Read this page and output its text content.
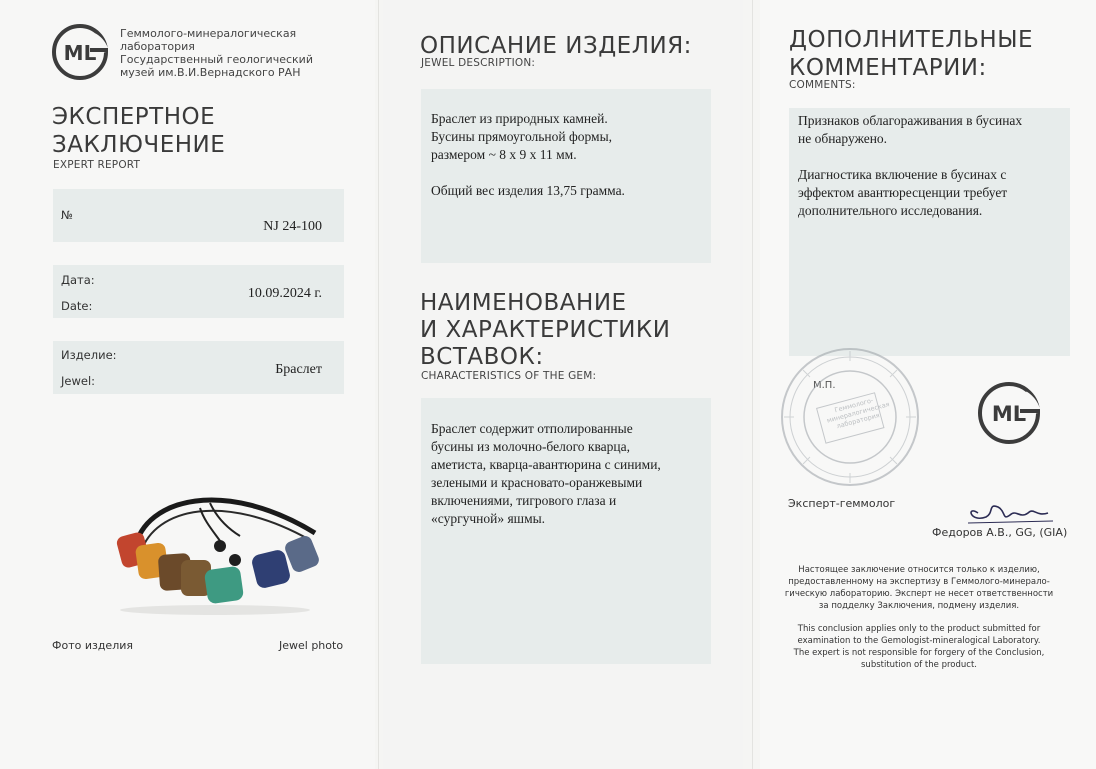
ML
Геммолого-минералогическая
лаборатория
Государственный геологический
музей им.В.И.Вернадского РАН
ЭКСПЕРТНОЕ
ЗАКЛЮЧЕНИЕ
EXPERT REPORT
№
NJ 24-100
Дата:
Date:
10.09.2024 г.
Изделие:
Jewel:
Браслет
Фото изделия	Jewel photo
ОПИСАНИЕ ИЗДЕЛИЯ:
JEWEL DESCRIPTION:
Браслет из природных камней.
Бусины прямоугольной формы,
размером ~ 8 х 9 х 11 мм.
Общий вес изделия 13,75 грамма.
НАИМЕНОВАНИЕ
И ХАРАКТЕРИСТИКИ
ВСТАВОК:
CHARACTERISTICS OF THE GEM:
Браслет содержит отполированные
бусины из молочно-белого кварца,
аметиста, кварца-авантюрина с синими,
зелеными и красновато-оранжевыми
включениями, тигрового глаза и
«сургучной» яшмы.
ДОПОЛНИТЕЛЬНЫЕ
КОММЕНТАРИИ:
COMMENTS:
Признаков облагораживания в бусинах
не обнаружено.
Диагностика включение в бусинах с
эффектом авантюресценции требует
дополнительного исследования.
М.П.
Геммолого-минералогическая лаборатория	ML
Эксперт-геммолог
Федоров А.В., GG, (GIA)
Настоящее заключение относится только к изделию,
предоставленному на экспертизу в Геммолого-минерало-
гическую лабораторию. Эксперт не несет ответственности
за подделку Заключения, подмену изделия.
This conclusion applies only to the product submitted for
examination to the Gemologist-mineralogical Laboratory.
The expert is not responsible for forgery of the Conclusion,
substitution of the product.
